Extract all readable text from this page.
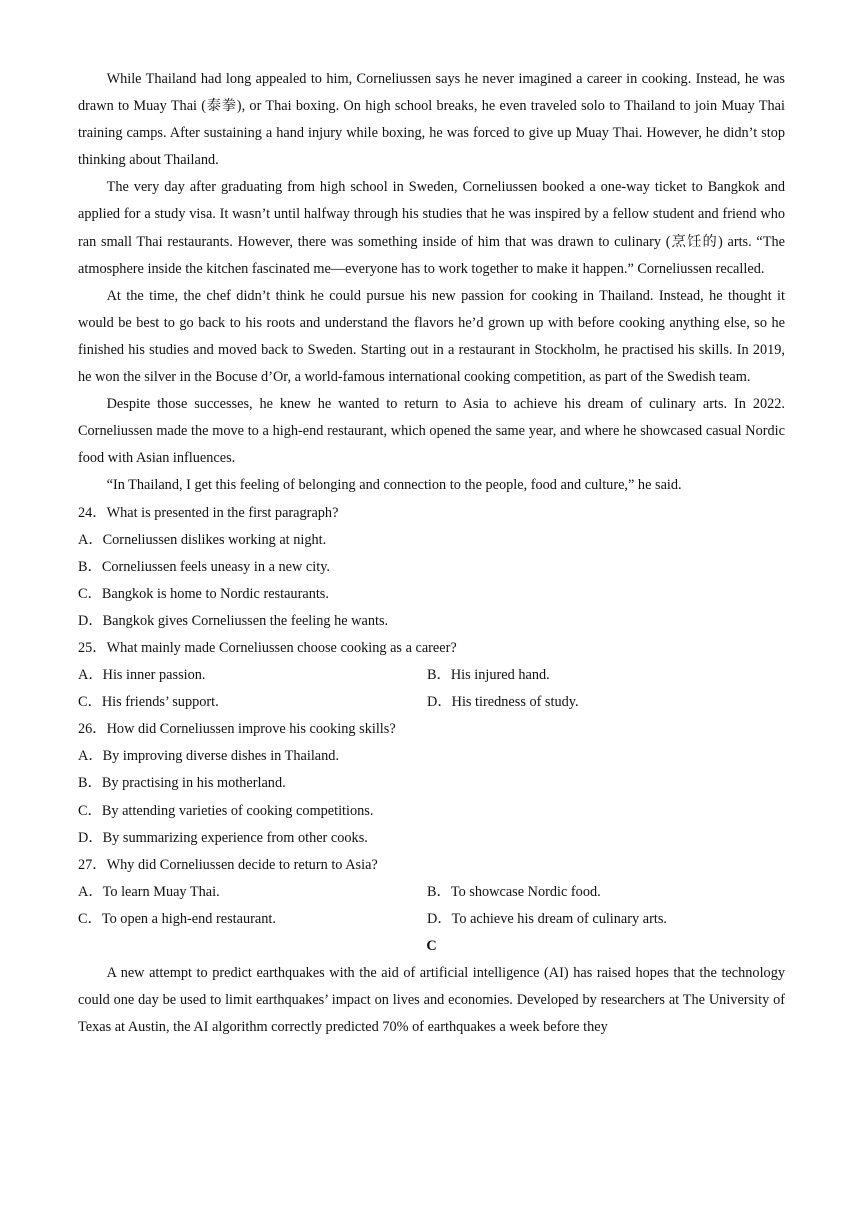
While Thailand had long appealed to him, Corneliussen says he never imagined a career in cooking. Instead, he was drawn to Muay Thai (泰拳), or Thai boxing. On high school breaks, he even traveled solo to Thailand to join Muay Thai training camps. After sustaining a hand injury while boxing, he was forced to give up Muay Thai. However, he didn’t stop thinking about Thailand.

The very day after graduating from high school in Sweden, Corneliussen booked a one-way ticket to Bangkok and applied for a study visa. It wasn’t until halfway through his studies that he was inspired by a fellow student and friend who ran small Thai restaurants. However, there was something inside of him that was drawn to culinary (烹饪的) arts. “The atmosphere inside the kitchen fascinated me—everyone has to work together to make it happen.” Corneliussen recalled.

At the time, the chef didn’t think he could pursue his new passion for cooking in Thailand. Instead, he thought it would be best to go back to his roots and understand the flavors he’d grown up with before cooking anything else, so he finished his studies and moved back to Sweden. Starting out in a restaurant in Stockholm, he practised his skills. In 2019, he won the silver in the Bocuse d’Or, a world-famous international cooking competition, as part of the Swedish team.

Despite those successes, he knew he wanted to return to Asia to achieve his dream of culinary arts. In 2022. Corneliussen made the move to a high-end restaurant, which opened the same year, and where he showcased casual Nordic food with Asian influences.

“In Thailand, I get this feeling of belonging and connection to the people, food and culture,” he said.

24．What is presented in the first paragraph?
A．Corneliussen dislikes working at night.
B．Corneliussen feels uneasy in a new city.
C．Bangkok is home to Nordic restaurants.
D．Bangkok gives Corneliussen the feeling he wants.
25．What mainly made Corneliussen choose cooking as a career?
A．His inner passion.	B．His injured hand.
C．His friends’ support.	D．His tiredness of study.
26．How did Corneliussen improve his cooking skills?
A．By improving diverse dishes in Thailand.
B．By practising in his motherland.
C．By attending varieties of cooking competitions.
D．By summarizing experience from other cooks.
27．Why did Corneliussen decide to return to Asia?
A．To learn Muay Thai.	B．To showcase Nordic food.
C．To open a high-end restaurant.	D．To achieve his dream of culinary arts.
C

A new attempt to predict earthquakes with the aid of artificial intelligence (AI) has raised hopes that the technology could one day be used to limit earthquakes’ impact on lives and economies. Developed by researchers at The University of Texas at Austin, the AI algorithm correctly predicted 70% of earthquakes a week before they
